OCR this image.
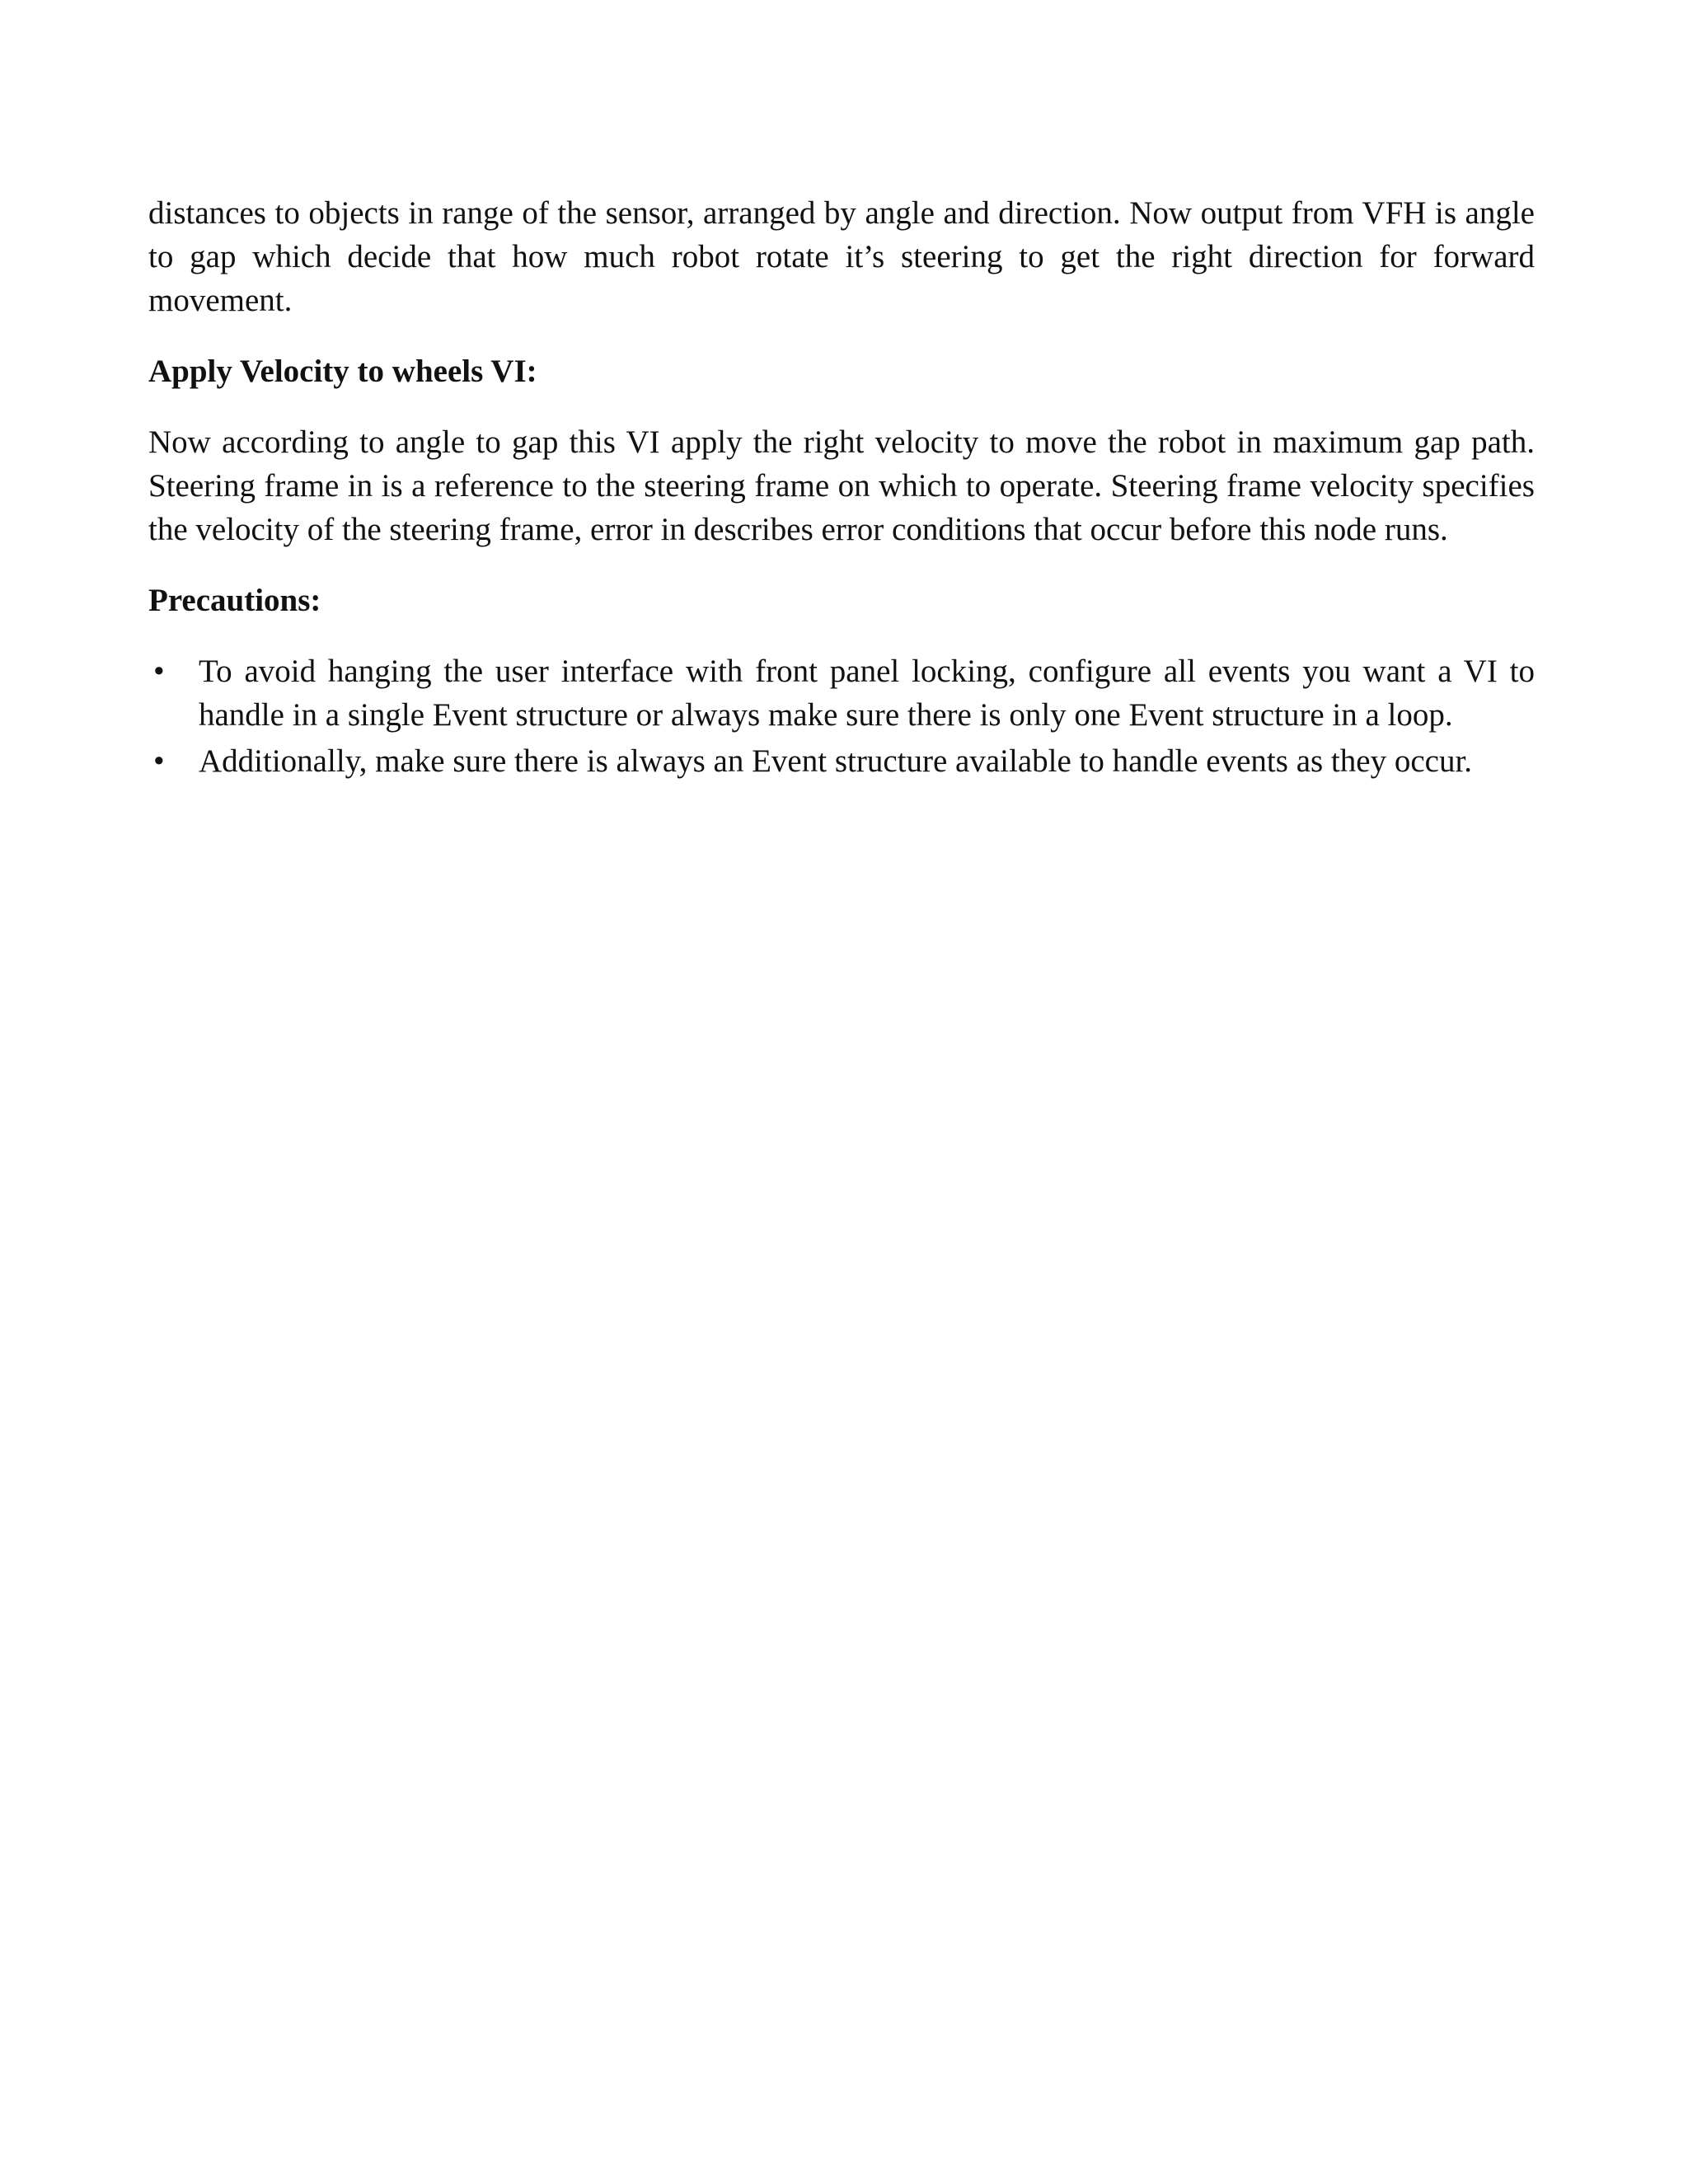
distances to objects in range of the sensor, arranged by angle and direction. Now output from VFH is angle to gap which decide that how much robot rotate it’s steering to get the right direction for forward movement.

Apply Velocity to wheels VI:

Now according to angle to gap this VI apply the right velocity to move the robot in maximum gap path. Steering frame in is a reference to the steering frame on which to operate. Steering frame velocity specifies the velocity of the steering frame, error in describes error conditions that occur before this node runs.

Precautions:
•	To avoid hanging the user interface with front panel locking, configure all events you want a VI to handle in a single Event structure or always make sure there is only one Event structure in a loop.
•	Additionally, make sure there is always an Event structure available to handle events as they occur.
